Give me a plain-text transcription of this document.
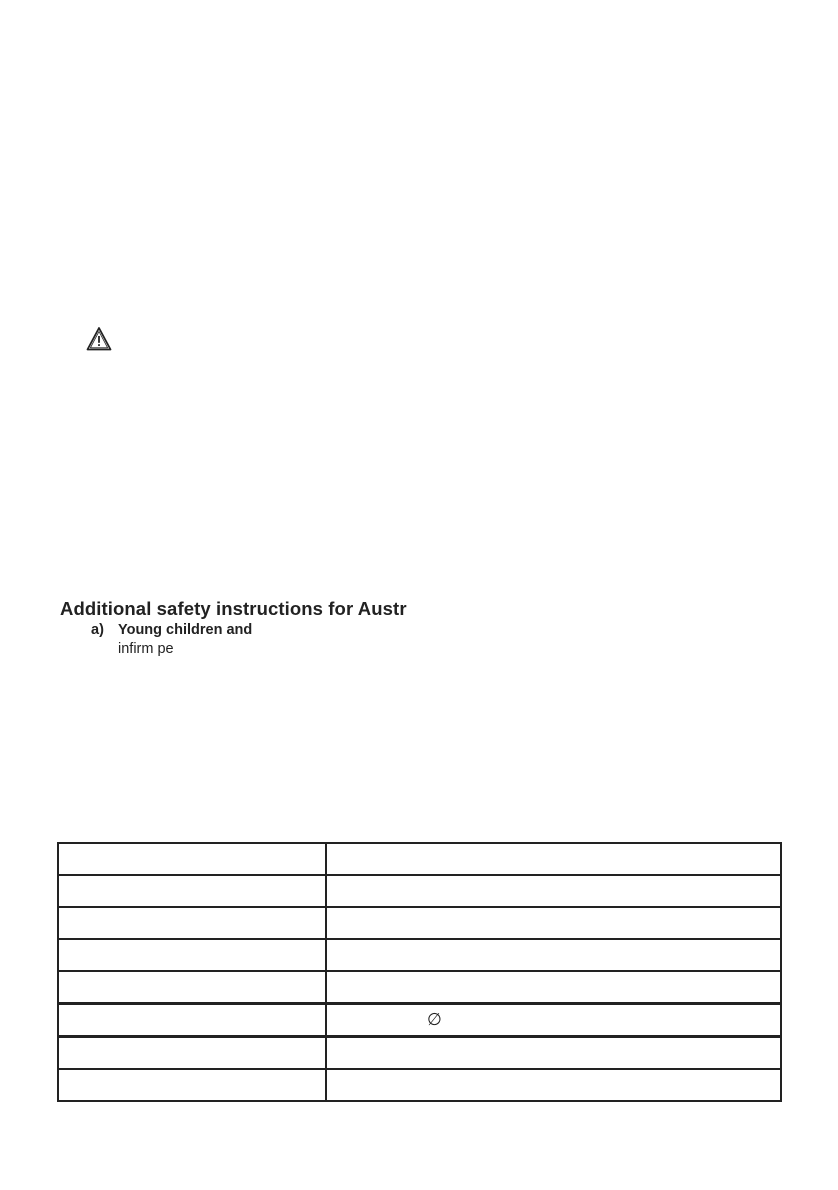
Additional safety instructions for Austr
a) Young children and
infirm pe

	∅
